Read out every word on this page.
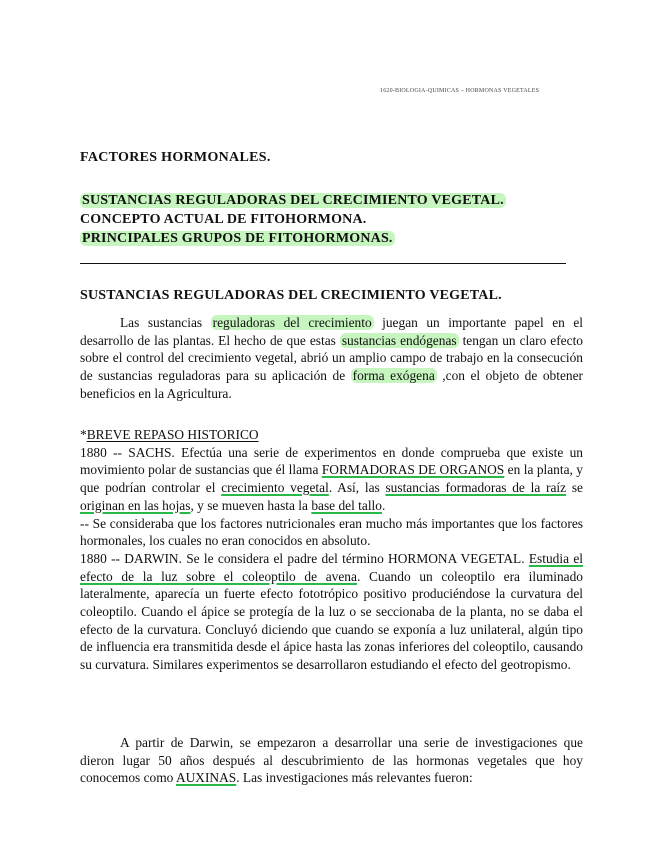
1620-BIOLOGIA-QUIMICAS – HORMONAS VEGETALES
FACTORES HORMONALES.
SUSTANCIAS REGULADORAS DEL CRECIMIENTO VEGETAL.
CONCEPTO ACTUAL DE FITOHORMONA.
PRINCIPALES GRUPOS DE FITOHORMONAS.
SUSTANCIAS REGULADORAS DEL CRECIMIENTO VEGETAL.

Las sustancias reguladoras del crecimiento juegan un importante papel en el desarrollo de las plantas. El hecho de que estas sustancias endógenas tengan un claro efecto sobre el control del crecimiento vegetal, abrió un amplio campo de trabajo en la consecución de sustancias reguladoras para su aplicación de forma exógena ,con el objeto de obtener beneficios en la Agricultura.

*BREVE REPASO HISTORICO
1880 -- SACHS. Efectúa una serie de experimentos en donde comprueba que existe un movimiento polar de sustancias que él llama FORMADORAS DE ORGANOS en la planta, y que podrían controlar el crecimiento vegetal. Así, las sustancias formadoras de la raíz se originan en las hojas, y se mueven hasta la base del tallo.
-- Se consideraba que los factores nutricionales eran mucho más importantes que los factores hormonales, los cuales no eran conocidos en absoluto.
1880 -- DARWIN. Se le considera el padre del término HORMONA VEGETAL. Estudia el efecto de la luz sobre el coleoptilo de avena. Cuando un coleoptilo era iluminado lateralmente, aparecía un fuerte efecto fototrópico positivo produciéndose la curvatura del coleoptilo. Cuando el ápice se protegía de la luz o se seccionaba de la planta, no se daba el efecto de la curvatura. Concluyó diciendo que cuando se exponía a luz unilateral, algún tipo de influencia era transmitida desde el ápice hasta las zonas inferiores del coleoptilo, causando su curvatura. Similares experimentos se desarrollaron estudiando el efecto del geotropismo.

A partir de Darwin, se empezaron a desarrollar una serie de investigaciones que dieron lugar 50 años después al descubrimiento de las hormonas vegetales que hoy conocemos como AUXINAS. Las investigaciones más relevantes fueron:
